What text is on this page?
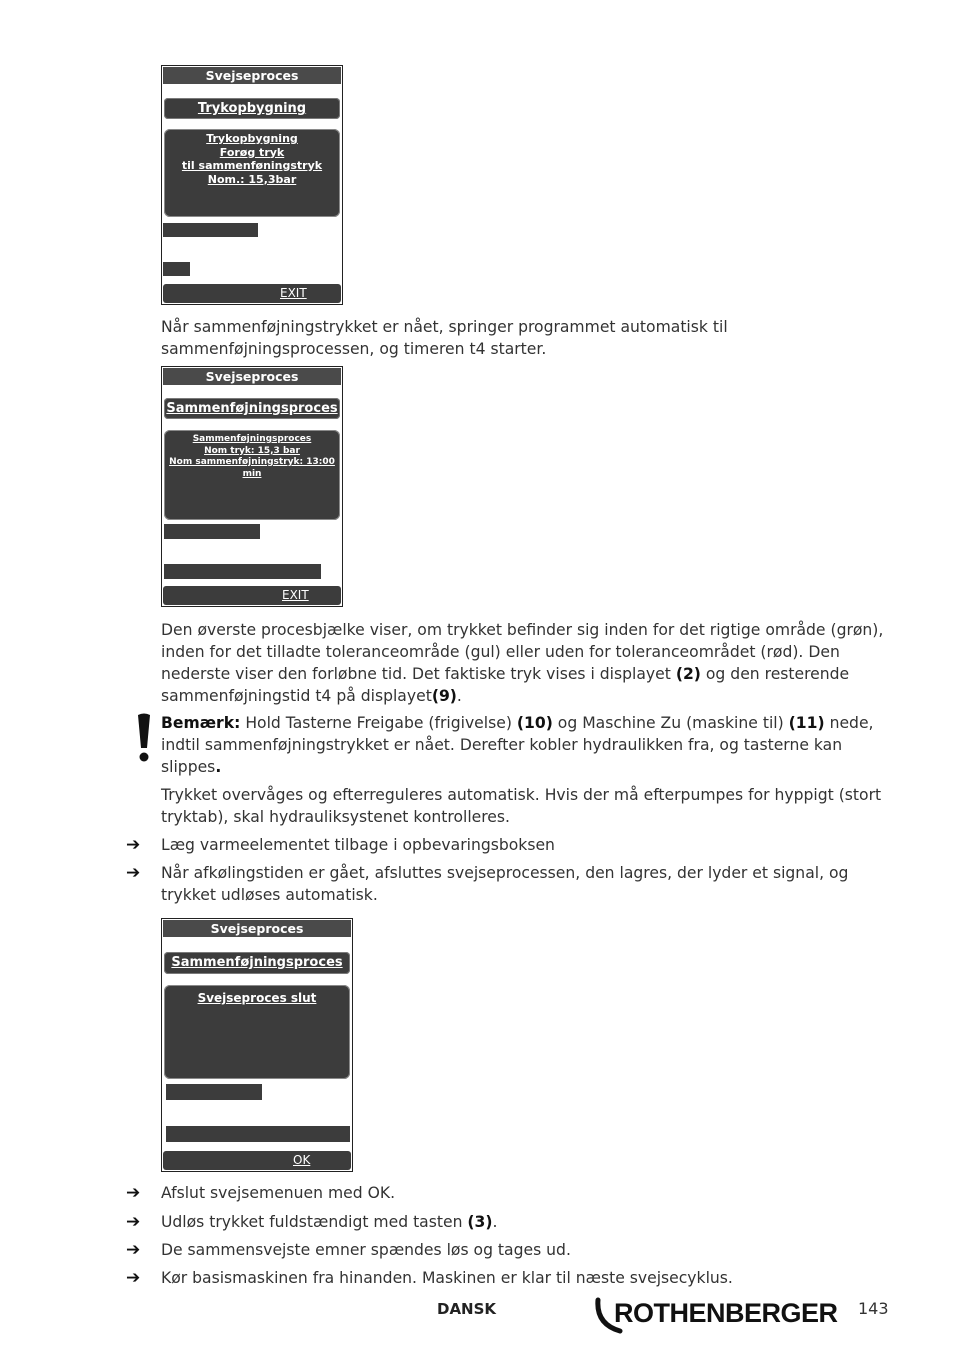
Svejseproces
Trykopbygning
Trykopbygning
Forøg tryk
til sammenføningstryk
Nom.: 15,3bar
EXIT
Når sammenføjningstrykket er nået, springer programmet automatisk til sammenføjningsprocessen, og timeren t4 starter.
Svejseproces
Sammenføjningsproces
Sammenføjningsproces
Nom tryk: 15,3 bar
Nom sammenføjningstryk: 13:00 min
EXIT
Den øverste procesbjælke viser, om trykket befinder sig inden for det rigtige område (grøn), inden for det tilladte toleranceområde (gul) eller uden for toleranceområdet (rød). Den nederste viser den forløbne tid. Det faktiske tryk vises i displayet (2) og den resterende sammenføjningstid t4 på displayet(9).
Bemærk: Hold Tasterne Freigabe (frigivelse) (10) og Maschine Zu (maskine til) (11) nede, indtil sammenføjningstrykket er nået. Derefter kobler hydraulikken fra, og tasterne kan slippes.
Trykket overvåges og efterreguleres automatisk. Hvis der må efterpumpes for hyppigt (stort tryktab), skal hydrauliksystenet kontrolleres.
➔ Læg varmeelementet tilbage i opbevaringsboksen
➔ Når afkølingstiden er gået, afsluttes svejseprocessen, den lagres, der lyder et signal, og trykket udløses automatisk.
Svejseproces
Sammenføjningsproces
Svejseproces slut
OK
➔ Afslut svejsemenuen med OK.
➔ Udløs trykket fuldstændigt med tasten (3).
➔ De sammensvejste emner spændes løs og tages ud.
➔ Kør basismaskinen fra hinanden. Maskinen er klar til næste svejsecyklus.
DANSK	ROTHENBERGER 143
